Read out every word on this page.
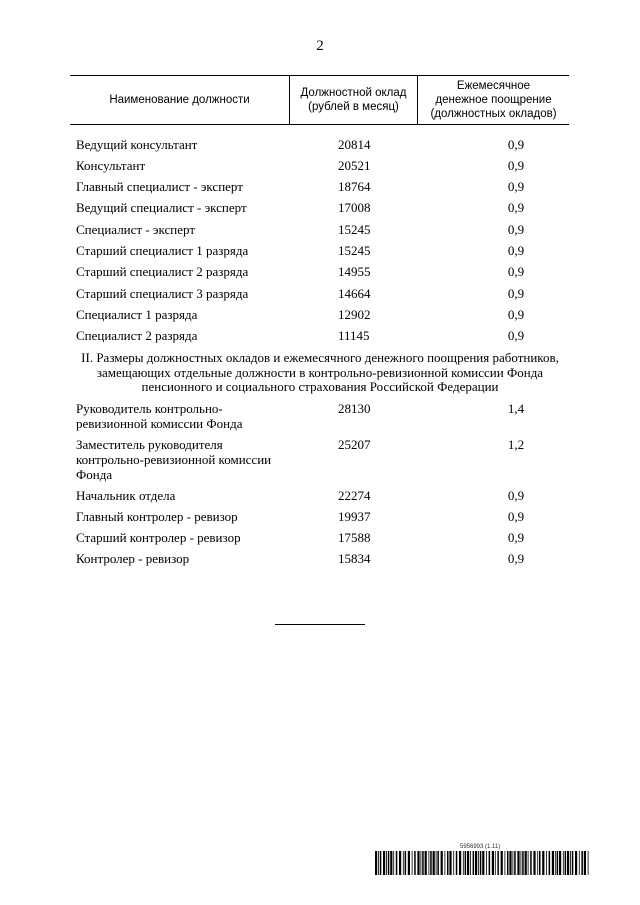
2
Наименование должности
Должностной оклад
(рублей в месяц)
Ежемесячное
денежное поощрение
(должностных окладов)
Ведущий консультант	20814	0,9
Консультант	20521	0,9
Главный специалист - эксперт	18764	0,9
Ведущий специалист - эксперт	17008	0,9
Специалист - эксперт	15245	0,9
Старший специалист 1 разряда	15245	0,9
Старший специалист 2 разряда	14955	0,9
Старший специалист 3 разряда	14664	0,9
Специалист 1 разряда	12902	0,9
Специалист 2 разряда	11145	0,9
II. Размеры должностных окладов и ежемесячного денежного поощрения работников,
замещающих отдельные должности в контрольно-ревизионной комиссии Фонда
пенсионного и социального страхования Российской Федерации
Руководитель контрольно-
ревизионной комиссии Фонда
28130	1,4
Заместитель руководителя
контрольно-ревизионной комиссии
Фонда
25207	1,2
Начальник отдела	22274	0,9
Главный контролер - ревизор	19937	0,9
Старший контролер - ревизор	17588	0,9
Контролер - ревизор	15834	0,9
5956993 (1.11)
